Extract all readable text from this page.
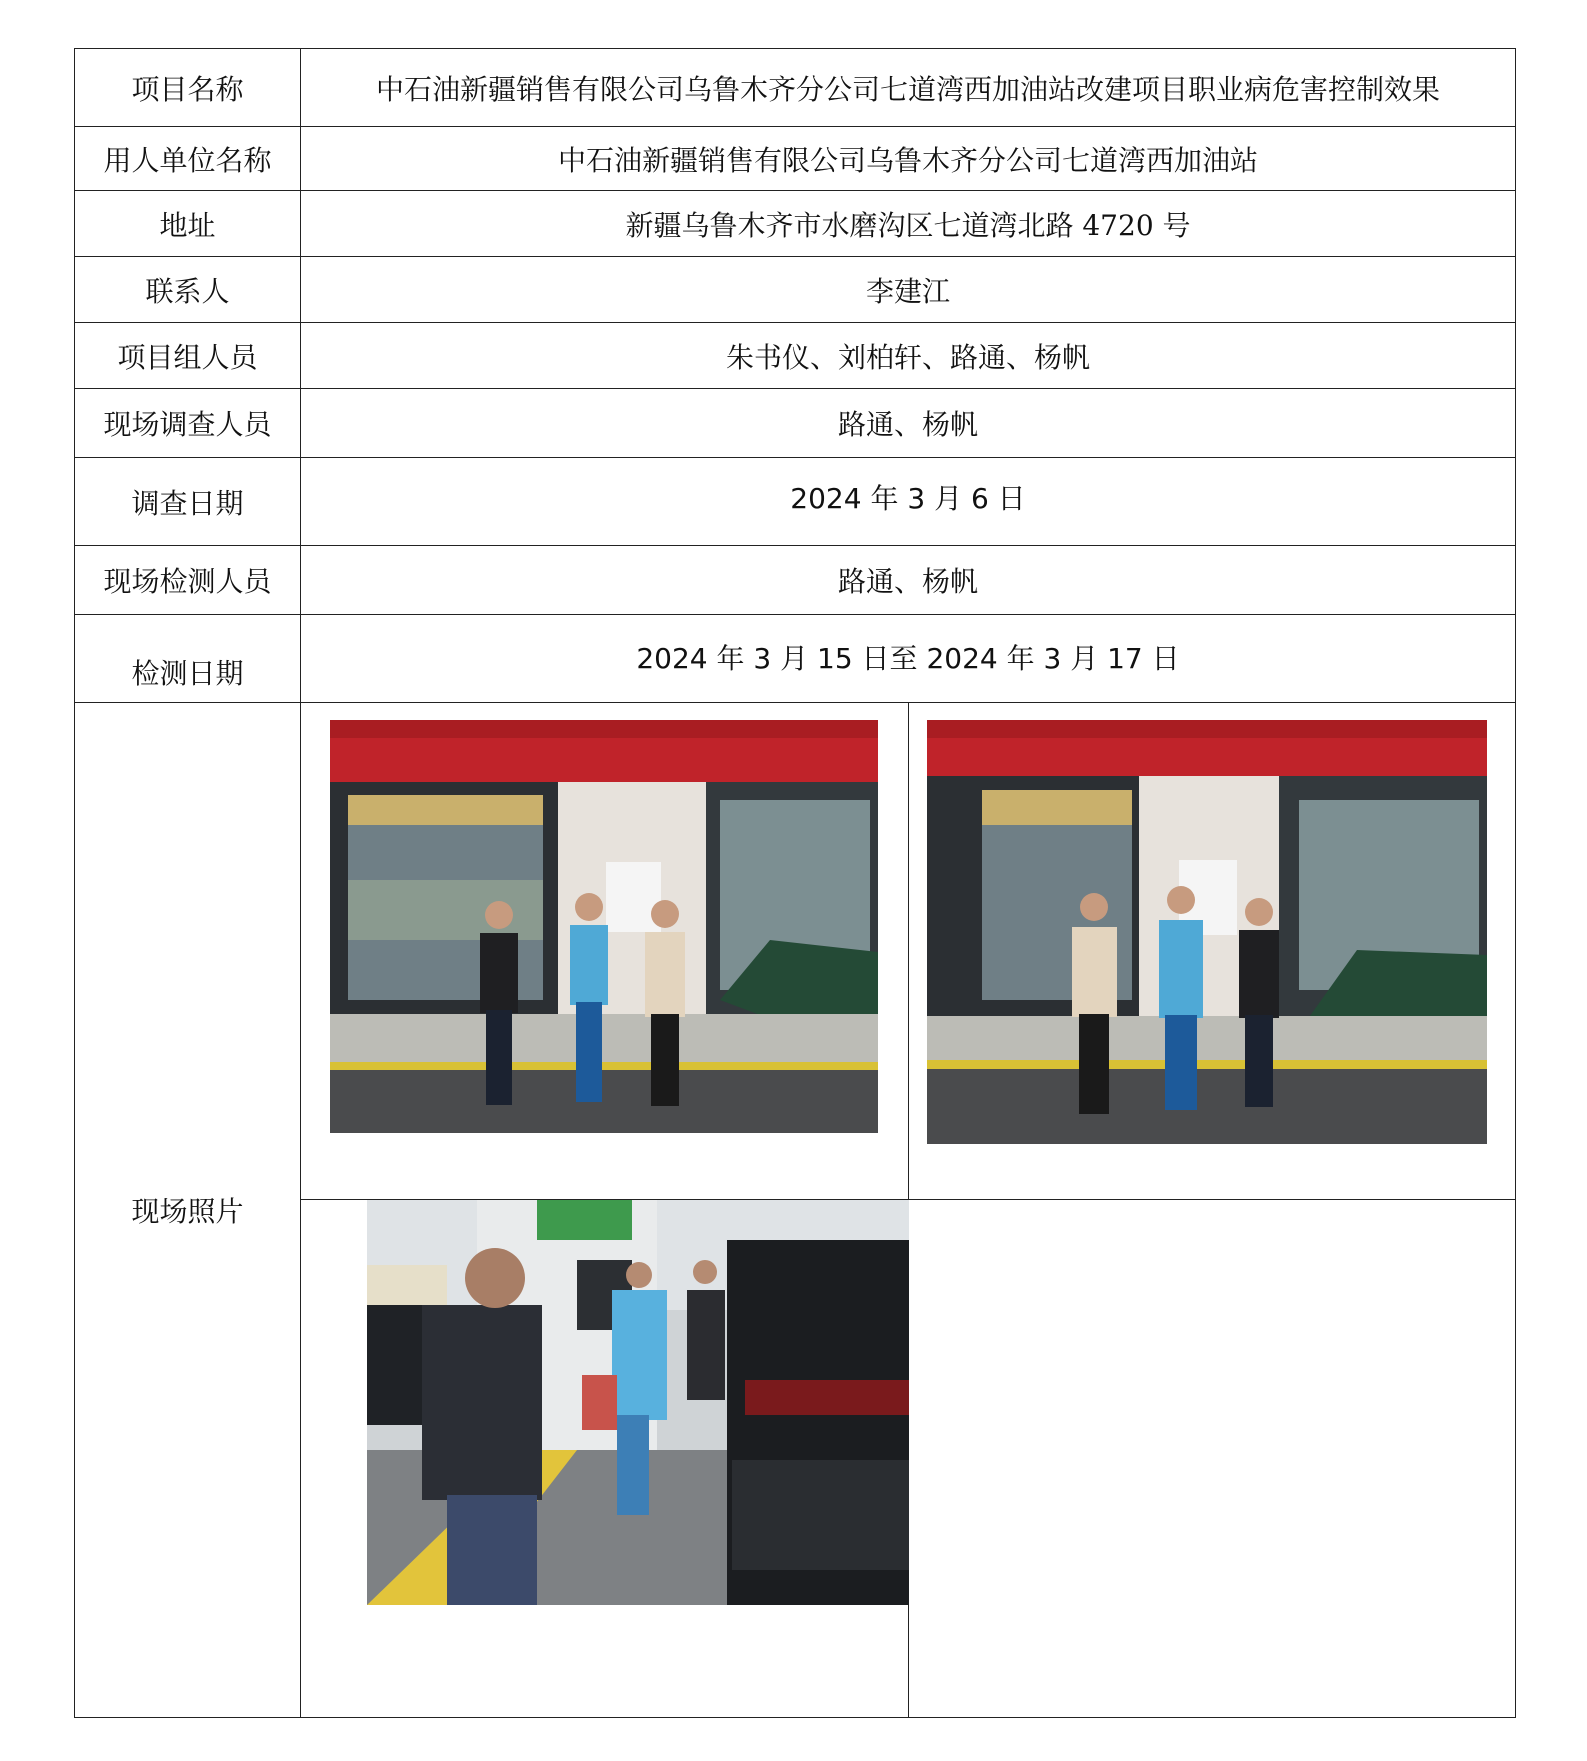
项目名称	中石油新疆销售有限公司乌鲁木齐分公司七道湾西加油站改建项目职业病危害控制效果
用人单位名称	中石油新疆销售有限公司乌鲁木齐分公司七道湾西加油站
地址	新疆乌鲁木齐市水磨沟区七道湾北路 4720 号
联系人	李建江
项目组人员	朱书仪、刘柏轩、路通、杨帆
现场调查人员	路通、杨帆
调查日期	2024 年 3 月 6 日
现场检测人员	路通、杨帆
检测日期	2024 年 3 月 15 日至 2024 年 3 月 17 日
现场照片	
